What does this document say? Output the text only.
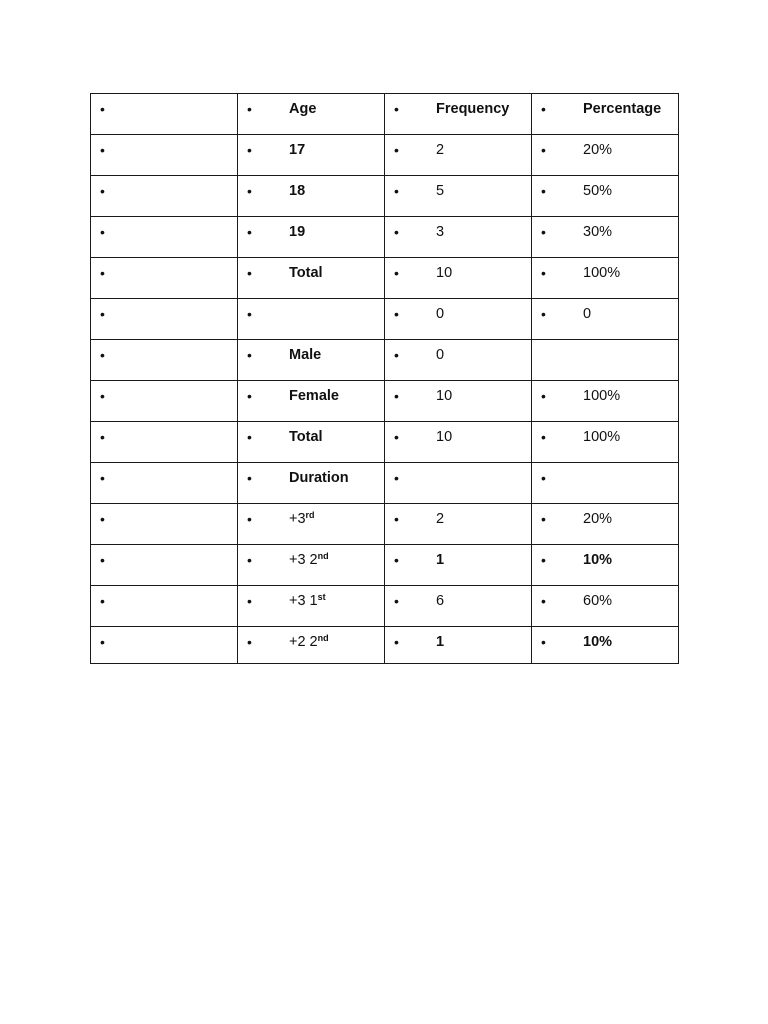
•	• Age	• Frequency	• Percentage

•	• 17	• 2	• 20%

•	• 18	• 5	• 50%

•	• 19	• 3	• 30%

•	• Total	• 10	• 100%

•	•	• 0	• 0

•	• Male	• 0	

•	• Female	• 10	• 100%

•	• Total	• 10	• 100%

•	• Duration	•	•

•	• +3rd	• 2	• 20%

•	• +3 2nd	• 1	• 10%

•	• +3 1st	• 6	• 60%

•	• +2 2nd	• 1	• 10%
